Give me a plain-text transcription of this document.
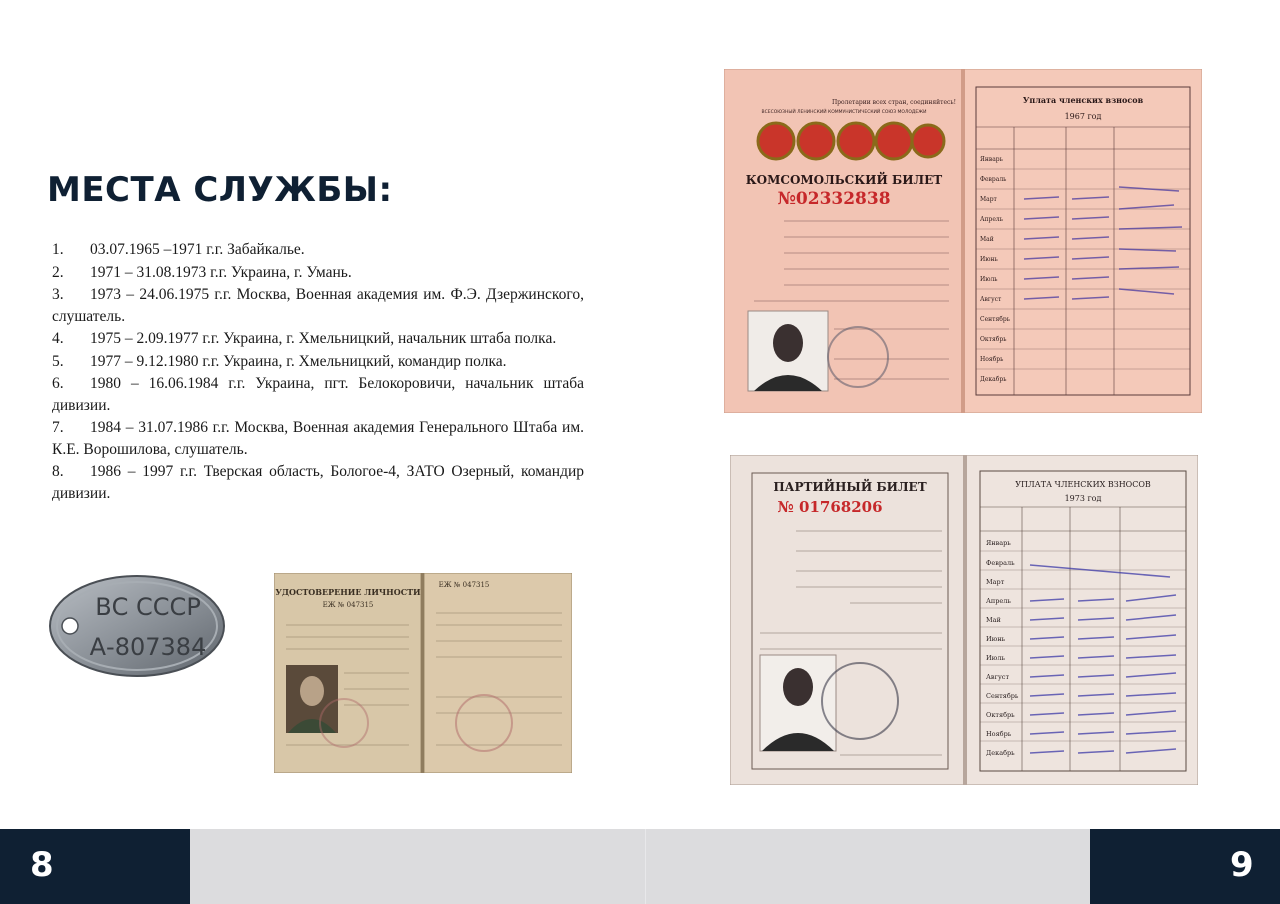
МЕСТА СЛУЖБЫ:
1. 03.07.1965 –1971 г.г. Забайкалье.
2. 1971 – 31.08.1973 г.г. Украина, г. Умань.
3. 1973 – 24.06.1975 г.г. Москва, Военная академия им. Ф.Э. Дзержинского, слушатель.
4. 1975 – 2.09.1977 г.г. Украина, г. Хмельницкий, начальник штаба полка.
5. 1977 – 9.12.1980 г.г. Украина, г. Хмельницкий, командир полка.
6. 1980 – 16.06.1984 г.г. Украина, пгт. Белокоровичи, начальник штаба дивизии.
7. 1984 – 31.07.1986 г.г. Москва, Военная академия Генерального Штаба им. К.Е. Ворошилова, слушатель.
8. 1986 – 1997 г.г. Тверская область, Бологое-4, ЗАТО Озерный, командир дивизии.
ВС СССР
А-807384
УДОСТОВЕРЕНИЕ ЛИЧНОСТИ
ЕЖ № 047315
ЕЖ № 047315
Пролетарии всех стран, соединяйтесь!
ВСЕСОЮЗНЫЙ ЛЕНИНСКИЙ КОММУНИСТИЧЕСКИЙ СОЮЗ МОЛОДЕЖИ
КОМСОМОЛЬСКИЙ БИЛЕТ
№02332838
Уплата членских взносов
1967 год
Январь
Февраль
Март
Апрель
Май
Июнь
Июль
Август
Сентябрь
Октябрь
Ноябрь
Декабрь
ПАРТИЙНЫЙ БИЛЕТ
№ 01768206
УПЛАТА ЧЛЕНСКИХ ВЗНОСОВ
1973 год
Январь
Февраль
Март
Апрель
Май
Июнь
Июль
Август
Сентябрь
Октябрь
Ноябрь
Декабрь
8	9
